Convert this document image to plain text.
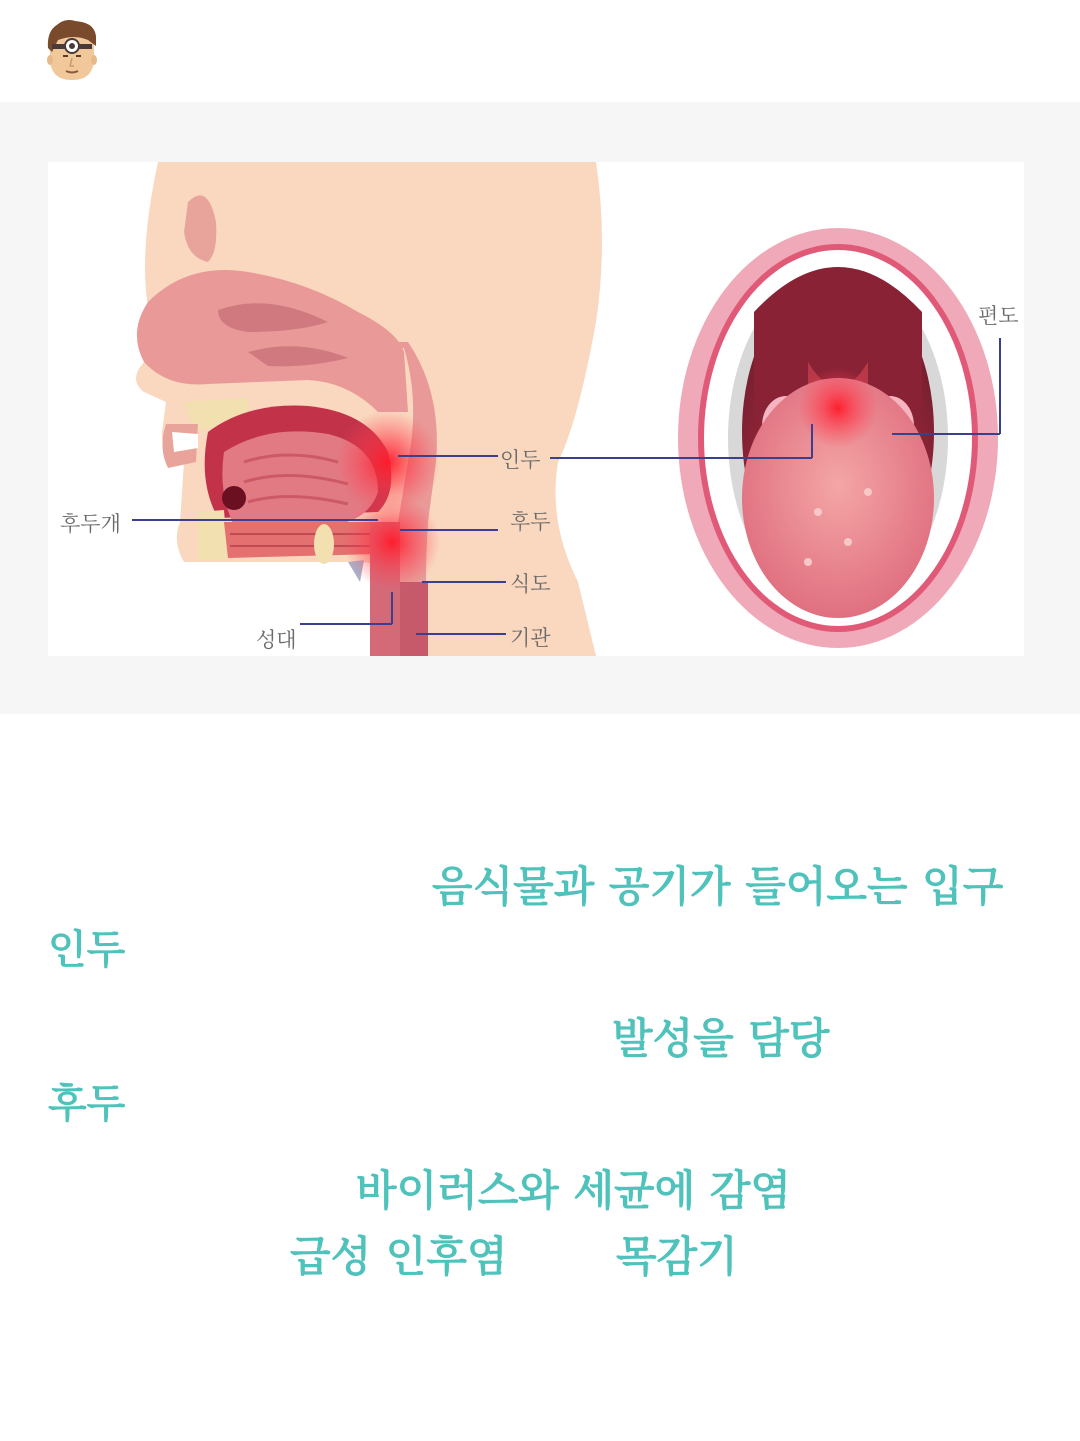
후두개
성대
인두
후두
식도
기관
편도
음식물과 공기가 들어오는 입구
인두
발성을 담당
후두
바이러스와 세균에 감염
급성 인후염	목감기
